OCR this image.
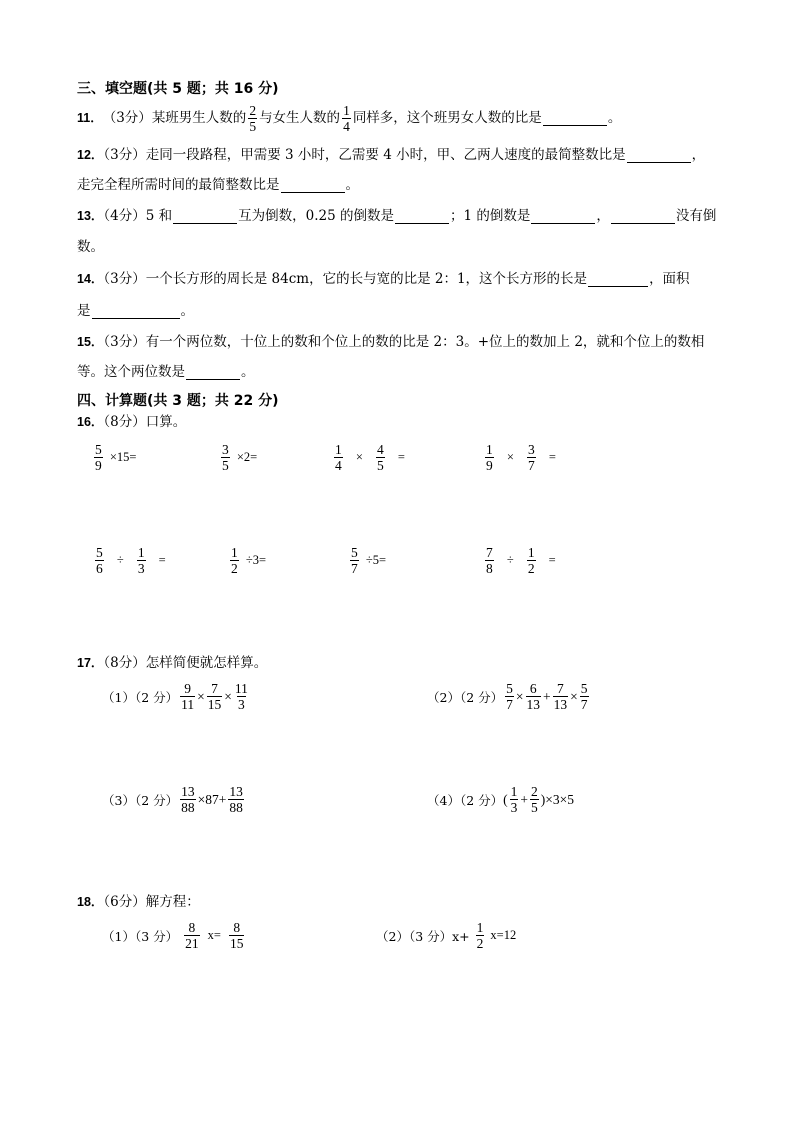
三、填空题(共 5 题；共 16 分)
11． （3分） 某班男生人数的 $\frac{2}{5}$ 与女生人数的 $\frac{1}{4}$ 同样多，这个班男女人数的比是	。
12．（3分）走同一段路程，甲需要 3 小时，乙需要 4 小时，甲、乙两人速度的最简整数比是	，
走完全程所需时间的最简整数比是	。
13．（4分）5 和	互为倒数，0.25 的倒数是	；1 的倒数是	，	没有倒
数。
14．（3分）一个长方形的周长是 84cm，它的长与宽的比是 2：1，这个长方形的长是	，面积
是	。
15．（3分）有一个两位数，十位上的数和个位上的数的比是 2：3。+位上的数加上 2，就和个位上的数相
等。这个两位数是	。
四、计算题(共 3 题；共 22 分)
16．（8分）口算。
$\frac{5}{9} \times 15=$	$\frac{3}{5} \times 2=$	$\frac{1}{4} \times \frac{4}{5}$ =	$\frac{1}{9} \times \frac{3}{7}$ =
$\frac{5}{6} \div \frac{1}{3}$ =	$\frac{1}{2} \div 3=$	$\frac{5}{7} \div 5=$	$\frac{7}{8} \div \frac{1}{2}$ =
17．（8分）怎样简便就怎样算。
（1）（2 分） $\frac{9}{11} \times \frac{7}{15} \times \frac{11}{3}$	（2）（2 分） $\frac{5}{7} \times \frac{6}{13} + \frac{7}{13} \times \frac{5}{7}$
（3）（2 分） $\frac{13}{88} \times 87+ \frac{13}{88}$	（4）（2 分） ( $\frac{1}{3} + \frac{2}{5} )\times 3\times 5$
18．（6分）解方程：
（1）（3 分） $\frac{8}{21} x= \frac{8}{15}$	（2）（3 分）$x+ \frac{1}{2} x=12$
